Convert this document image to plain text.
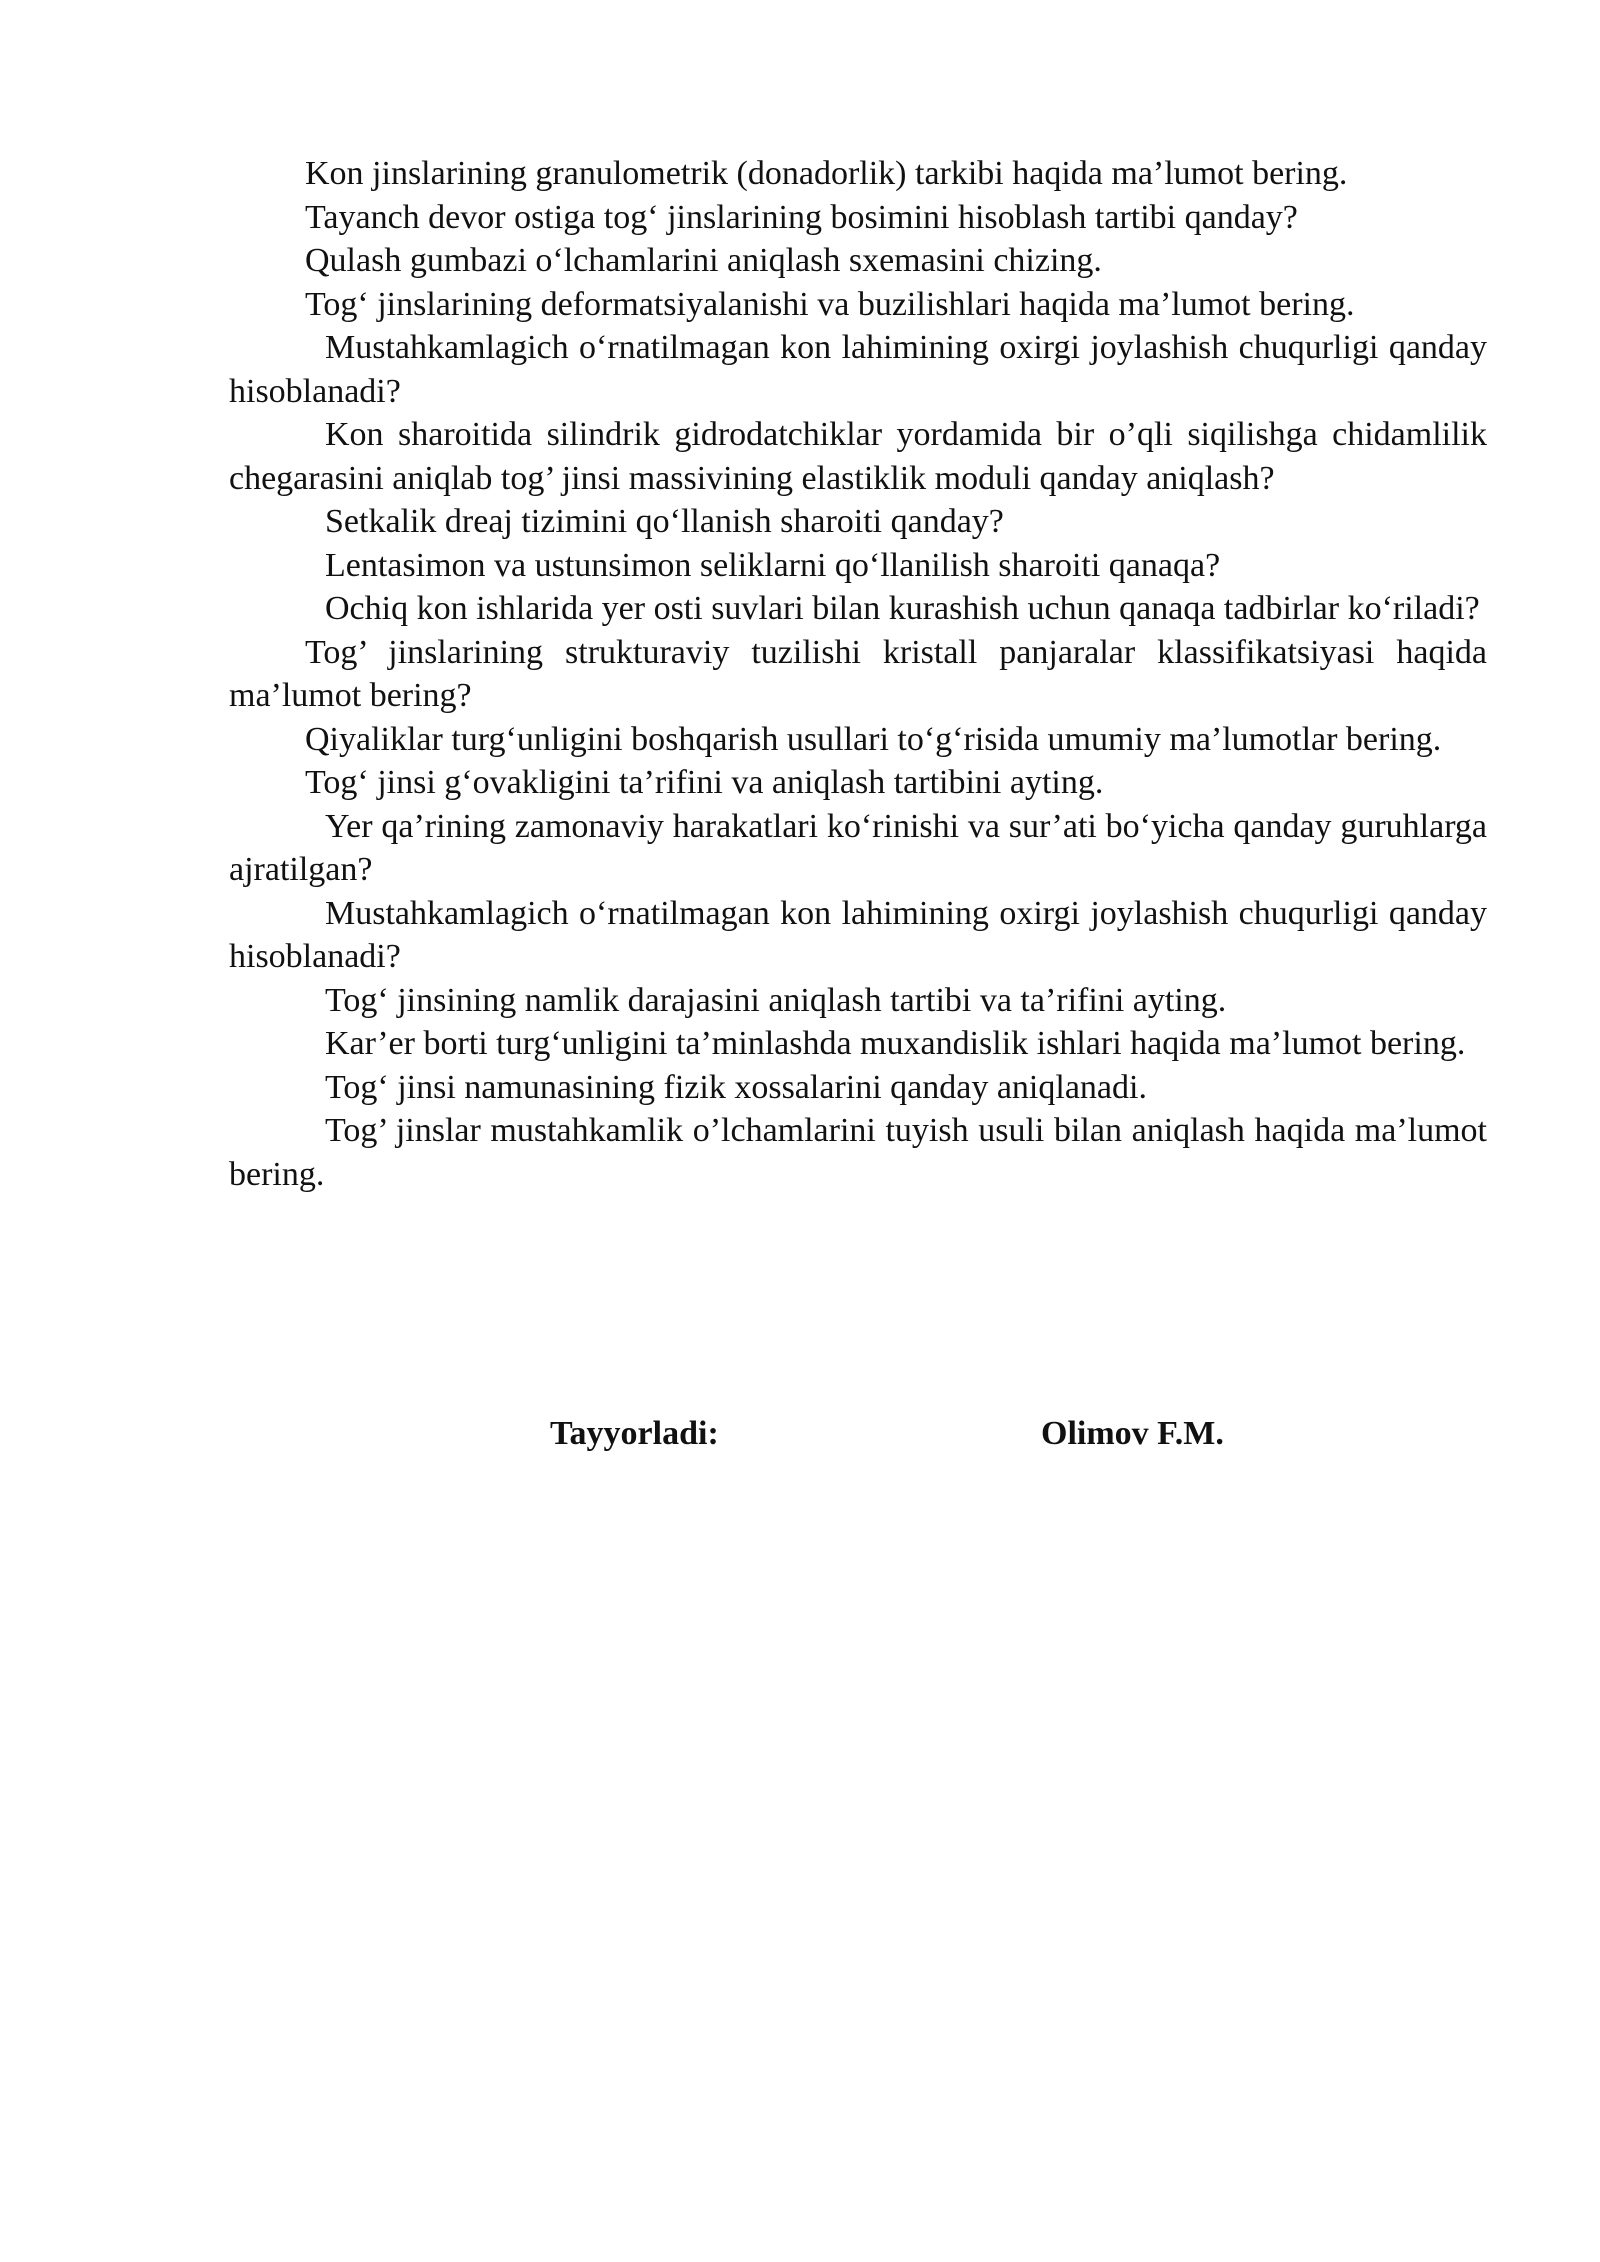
Kon jinslarining granulometrik (donadorlik) tarkibi haqida ma’lumot bering.

Tayanch devor ostiga tog‘ jinslarining bosimini hisoblash tartibi qanday?

Qulash gumbazi o‘lchamlarini aniqlash sxemasini chizing.

Tog‘ jinslarining deformatsiyalanishi va buzilishlari haqida ma’lumot bering.

Mustahkamlagich o‘rnatilmagan kon lahimining oxirgi joylashish chuqurligi qanday hisoblanadi?

Kon sharoitida silindrik gidrodatchiklar yordamida bir o’qli siqilishga chidamlilik chegarasini aniqlab tog’ jinsi massivining elastiklik moduli qanday aniqlash?

Setkalik dreaj tizimini qo‘llanish sharoiti qanday?

Lentasimon va ustunsimon seliklarni qo‘llanilish sharoiti qanaqa?

Ochiq kon ishlarida yer osti suvlari bilan kurashish uchun qanaqa tadbirlar ko‘riladi?

Tog’ jinslarining strukturaviy tuzilishi kristall panjaralar klassifikatsiyasi haqida ma’lumot bering?

Qiyaliklar turg‘unligini boshqarish usullari to‘g‘risida umumiy ma’lumotlar bering.

Tog‘ jinsi g‘ovakligini ta’rifini va aniqlash tartibini ayting.

Yer qa’rining zamonaviy harakatlari ko‘rinishi va sur’ati bo‘yicha qanday guruhlarga ajratilgan?

Mustahkamlagich o‘rnatilmagan kon lahimining oxirgi joylashish chuqurligi qanday hisoblanadi?

Tog‘ jinsining namlik darajasini aniqlash tartibi va ta’rifini ayting.

Kar’er borti turg‘unligini ta’minlashda muxandislik ishlari haqida ma’lumot bering.

Tog‘ jinsi namunasining fizik xossalarini qanday aniqlanadi.

Tog’ jinslar mustahkamlik o’lchamlarini tuyish usuli bilan aniqlash haqida ma’lumot bering.

Tayyorladi:	Olimov F.M.
